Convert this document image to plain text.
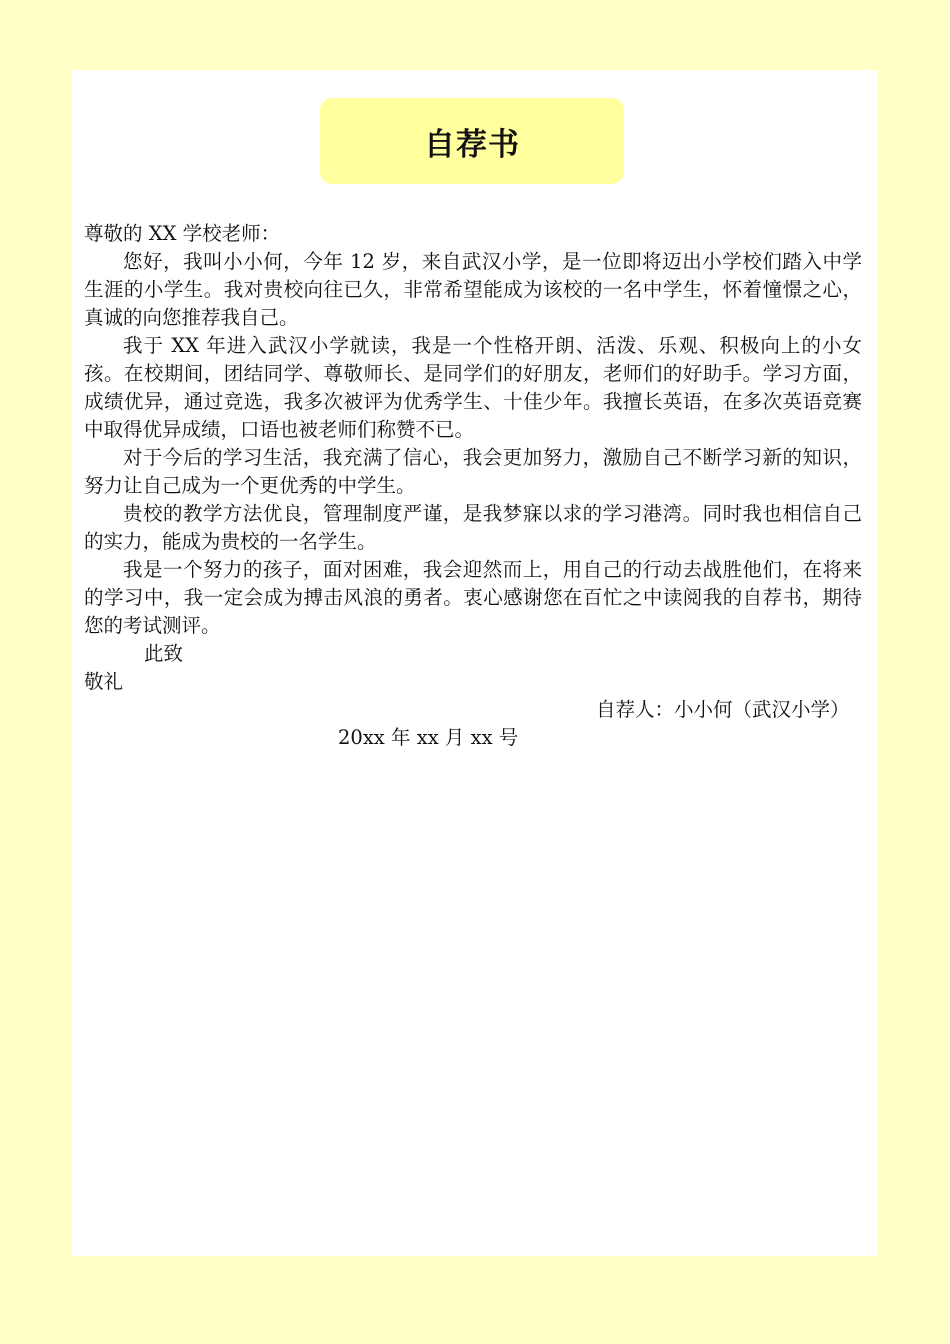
自荐书

尊敬的 XX 学校老师：

您好，我叫小小何，今年 12 岁，来自武汉小学，是一位即将迈出小学校们踏入中学生涯的小学生。我对贵校向往已久，非常希望能成为该校的一名中学生，怀着憧憬之心，真诚的向您推荐我自己。

我于 XX 年进入武汉小学就读，我是一个性格开朗、活泼、乐观、积极向上的小女孩。在校期间，团结同学、尊敬师长、是同学们的好朋友，老师们的好助手。学习方面，成绩优异，通过竞选，我多次被评为优秀学生、十佳少年。我擅长英语，在多次英语竞赛中取得优异成绩，口语也被老师们称赞不已。

对于今后的学习生活，我充满了信心，我会更加努力，激励自己不断学习新的知识，努力让自己成为一个更优秀的中学生。

贵校的教学方法优良，管理制度严谨，是我梦寐以求的学习港湾。同时我也相信自己的实力，能成为贵校的一名学生。

我是一个努力的孩子，面对困难，我会迎然而上，用自己的行动去战胜他们，在将来的学习中，我一定会成为搏击风浪的勇者。衷心感谢您在百忙之中读阅我的自荐书，期待您的考试测评。

此致

敬礼

自荐人：小小何（武汉小学）

20xx 年 xx 月 xx 号
